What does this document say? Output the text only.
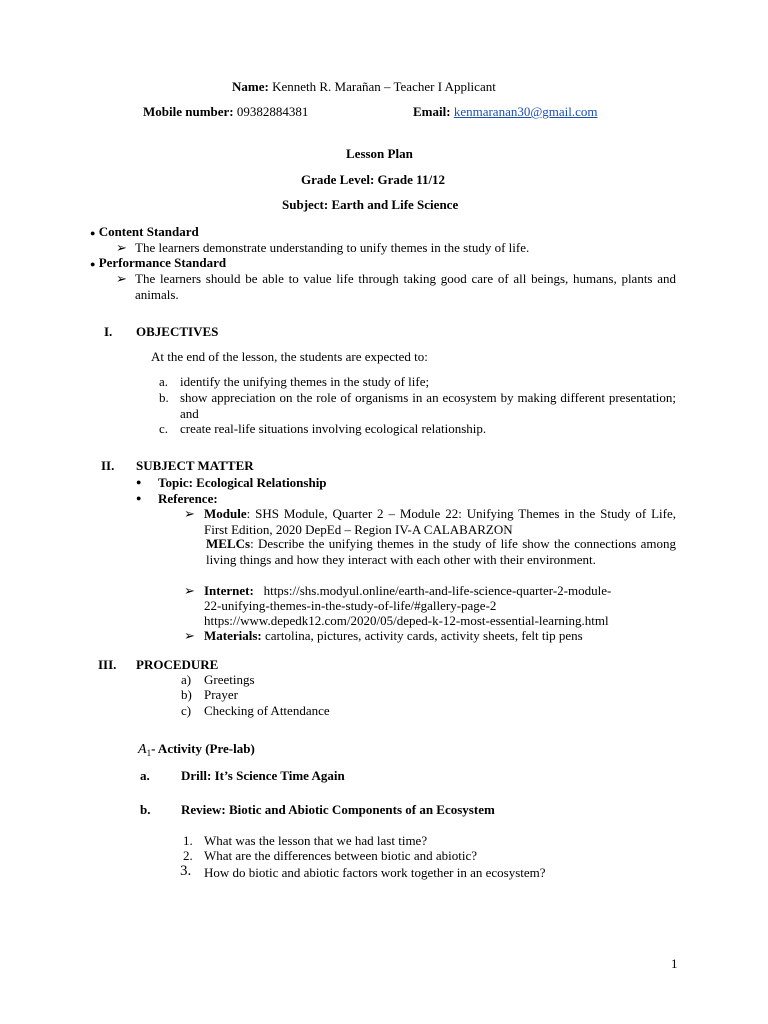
Name: Kenneth R. Marañan – Teacher I Applicant
Mobile number: 09382884381	Email: kenmaranan30@gmail.com
Lesson Plan
Grade Level: Grade 11/12
Subject: Earth and Life Science
● Content Standard
➢ The learners demonstrate understanding to unify themes in the study of life.
● Performance Standard
➢ The learners should be able to value life through taking good care of all beings, humans, plants and animals.
I. OBJECTIVES
At the end of the lesson, the students are expected to:
a. identify the unifying themes in the study of life;
b. show appreciation on the role of organisms in an ecosystem by making different presentation; and
c. create real-life situations involving ecological relationship.
II. SUBJECT MATTER
● Topic: Ecological Relationship
● Reference:
➢ Module: SHS Module, Quarter 2 – Module 22: Unifying Themes in the Study of Life, First Edition, 2020 DepEd – Region IV-A CALABARZON
MELCs: Describe the unifying themes in the study of life show the connections among living things and how they interact with each other with their environment.
➢ Internet: https://shs.modyul.online/earth-and-life-science-quarter-2-module-
22-unifying-themes-in-the-study-of-life/#gallery-page-2
https://www.depedk12.com/2020/05/deped-k-12-most-essential-learning.html
➢ Materials: cartolina, pictures, activity cards, activity sheets, felt tip pens
III. PROCEDURE
a) Greetings
b) Prayer
c) Checking of Attendance
$A_1-$ Activity (Pre-lab)
a. Drill: It’s Science Time Again
b. Review: Biotic and Abiotic Components of an Ecosystem
1. What was the lesson that we had last time?
2. What are the differences between biotic and abiotic?
3. How do biotic and abiotic factors work together in an ecosystem?
1
